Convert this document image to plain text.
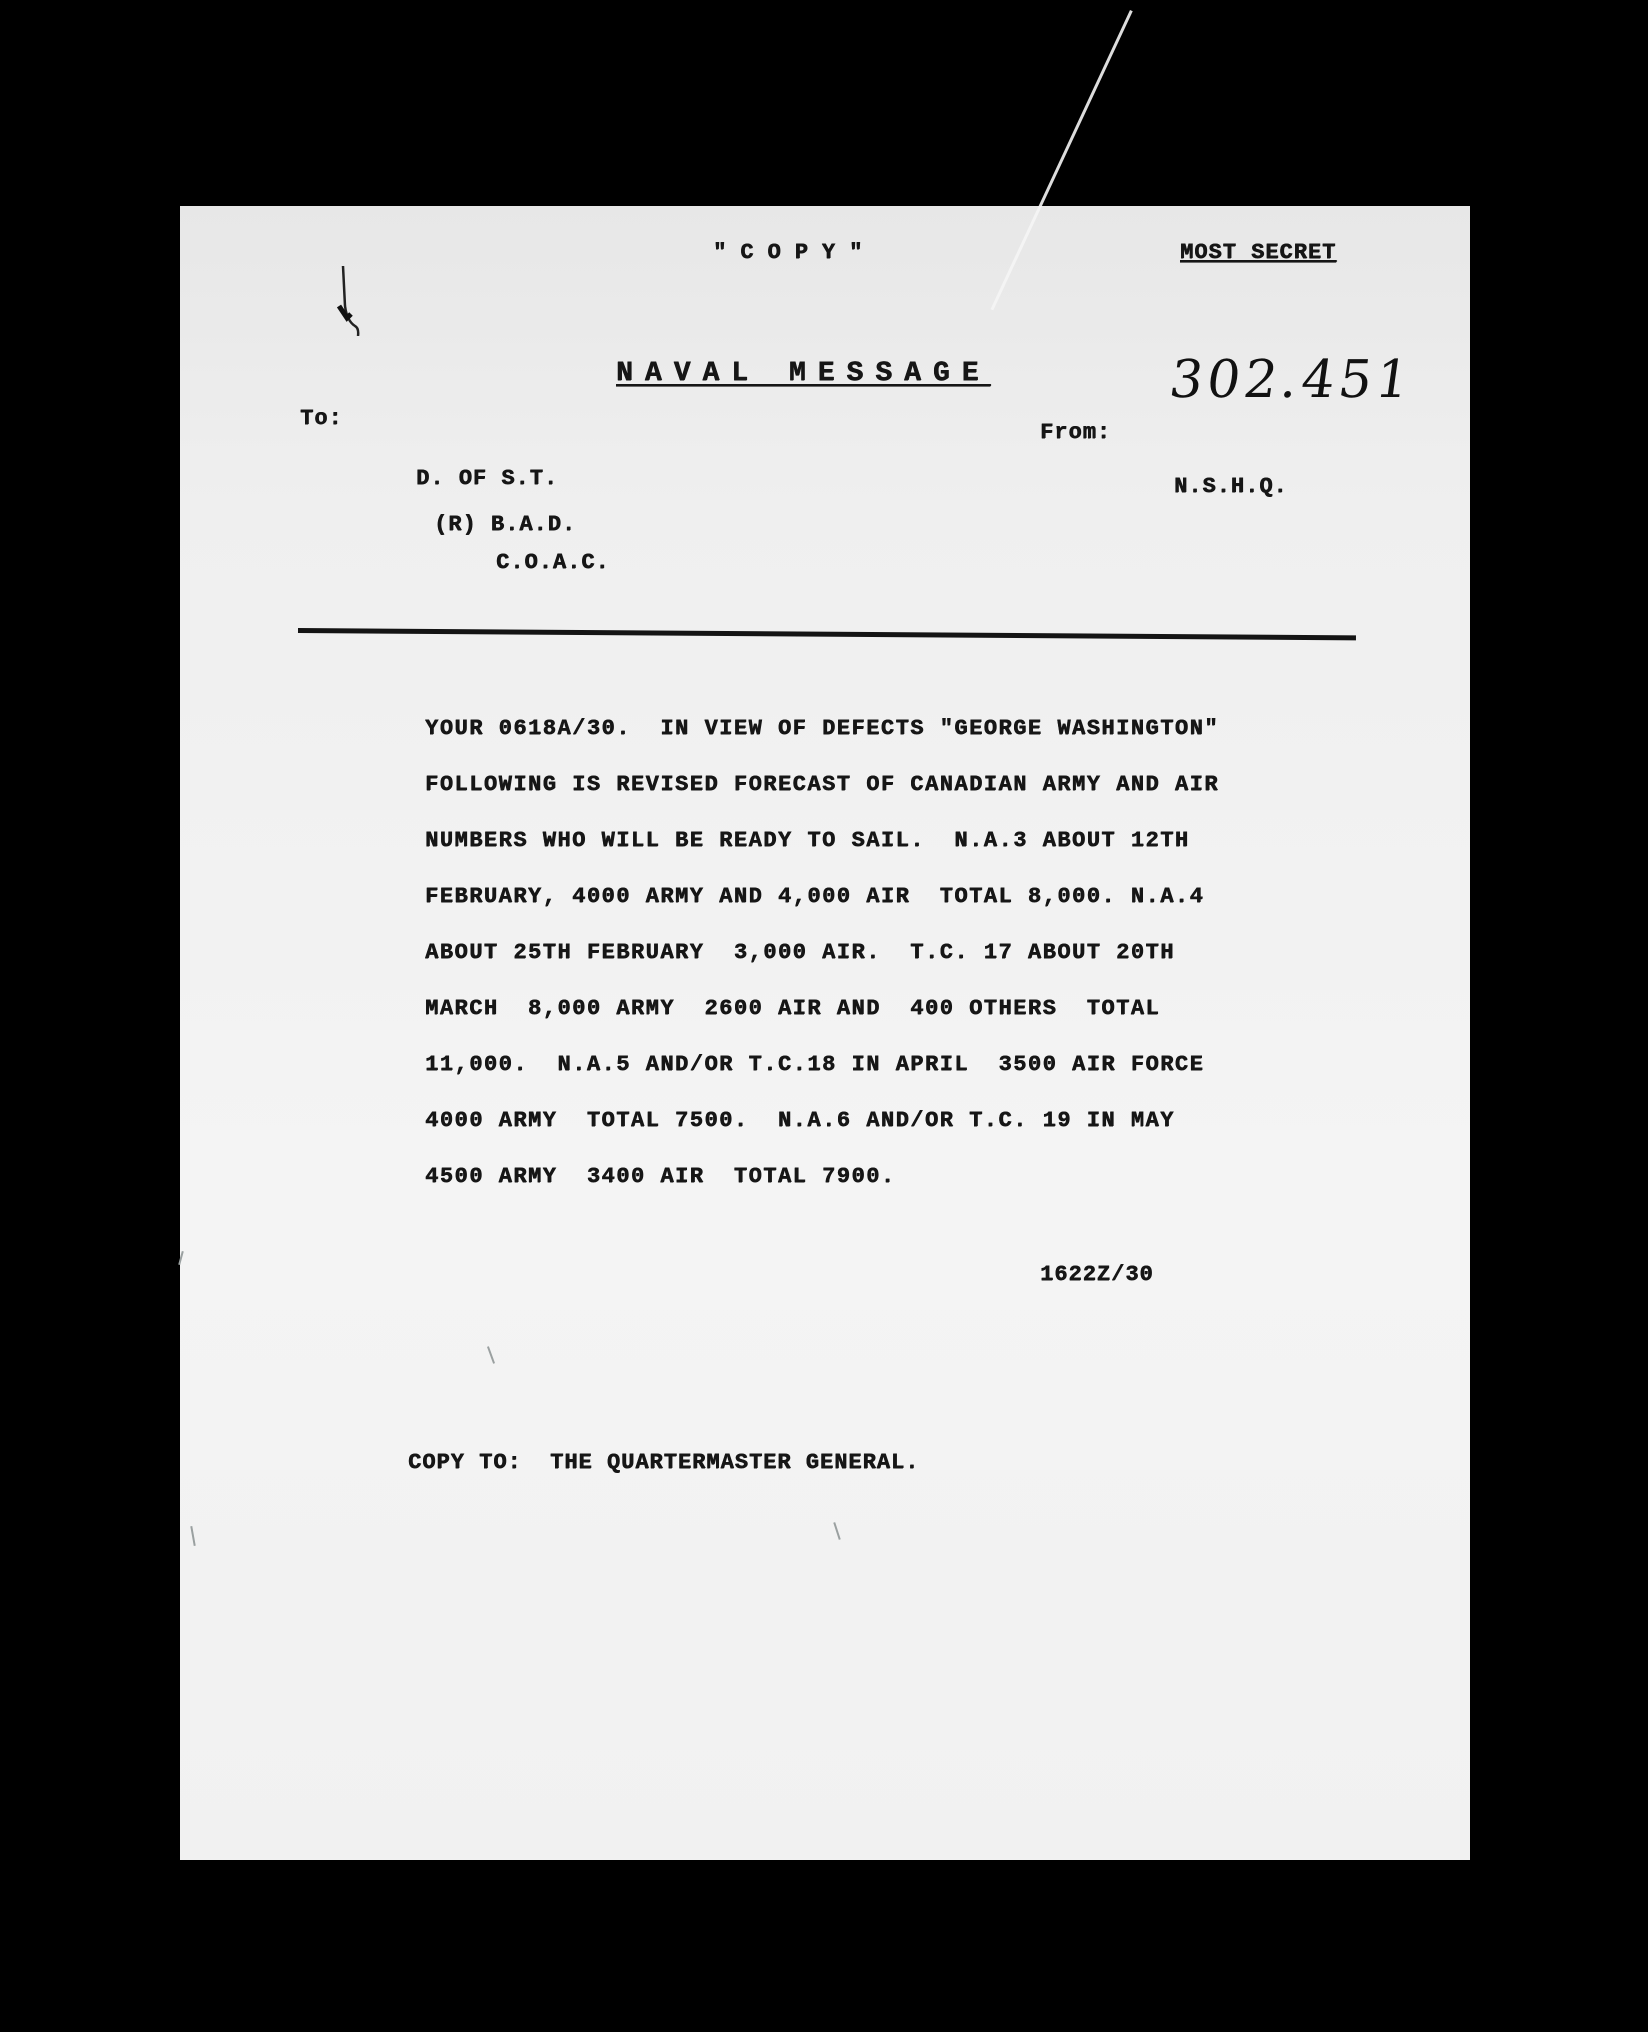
"COPY"	MOST SECRET
NAVAL MESSAGE	302.451
To:
From:
D. OF S.T.
(R) B.A.D.
C.O.A.C.
N.S.H.Q.
YOUR 0618A/30.  IN VIEW OF DEFECTS "GEORGE WASHINGTON"
FOLLOWING IS REVISED FORECAST OF CANADIAN ARMY AND AIR
NUMBERS WHO WILL BE READY TO SAIL.  N.A.3 ABOUT 12TH
FEBRUARY, 4000 ARMY AND 4,000 AIR  TOTAL 8,000. N.A.4
ABOUT 25TH FEBRUARY  3,000 AIR.  T.C. 17 ABOUT 20TH
MARCH  8,000 ARMY  2600 AIR AND  400 OTHERS  TOTAL
11,000.  N.A.5 AND/OR T.C.18 IN APRIL  3500 AIR FORCE
4000 ARMY  TOTAL 7500.  N.A.6 AND/OR T.C. 19 IN MAY
4500 ARMY  3400 AIR  TOTAL 7900.
1622Z/30
COPY TO:  THE QUARTERMASTER GENERAL.
